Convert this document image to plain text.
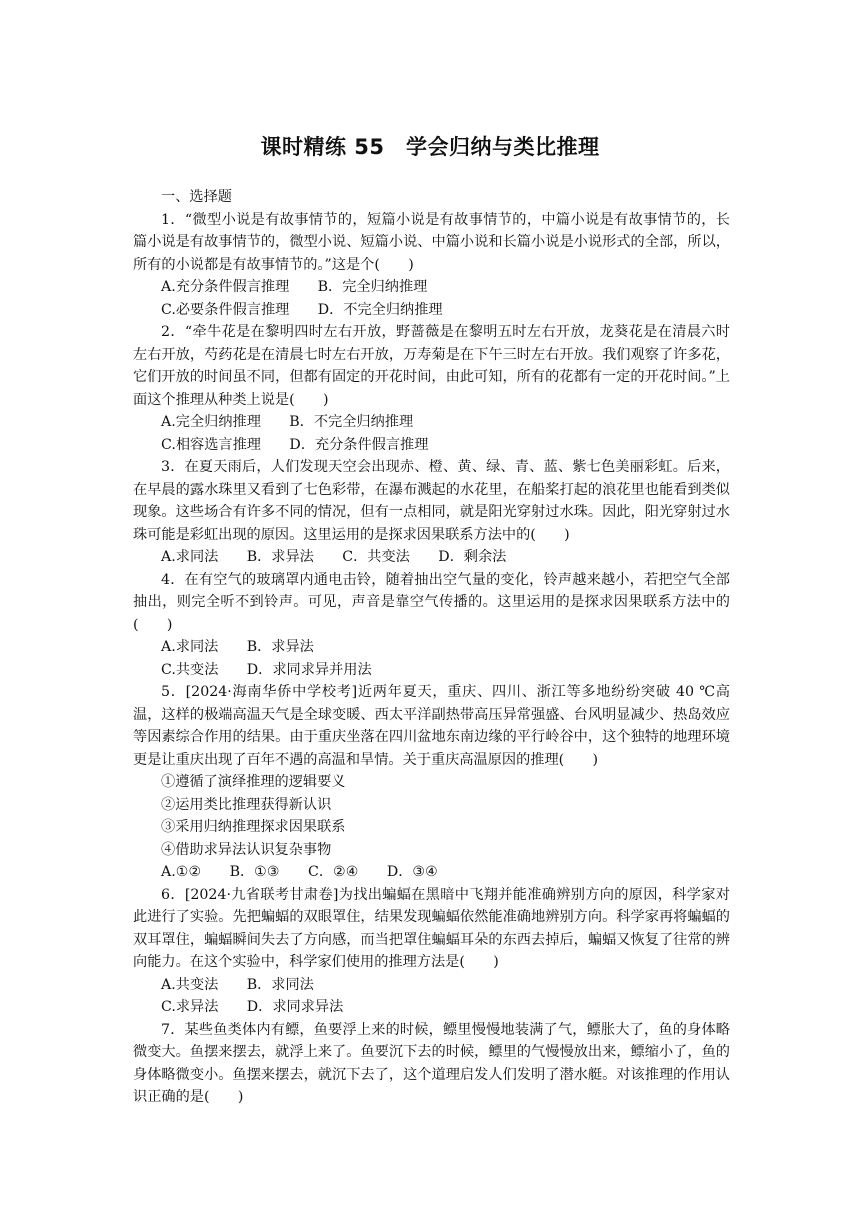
课时精练 55　学会归纳与类比推理

一、选择题

1．“微型小说是有故事情节的，短篇小说是有故事情节的，中篇小说是有故事情节的，长篇小说是有故事情节的，微型小说、短篇小说、中篇小说和长篇小说是小说形式的全部，所以，所有的小说都是有故事情节的。”这是个(　　)

A.充分条件假言推理　　B．完全归纳推理

C.必要条件假言推理　　D．不完全归纳推理

2．“牵牛花是在黎明四时左右开放，野蔷薇是在黎明五时左右开放，龙葵花是在清晨六时左右开放，芍药花是在清晨七时左右开放，万寿菊是在下午三时左右开放。我们观察了许多花，它们开放的时间虽不同，但都有固定的开花时间，由此可知，所有的花都有一定的开花时间。”上面这个推理从种类上说是(　　)

A.完全归纳推理　　B．不完全归纳推理

C.相容选言推理　　D．充分条件假言推理

3．在夏天雨后，人们发现天空会出现赤、橙、黄、绿、青、蓝、紫七色美丽彩虹。后来，在早晨的露水珠里又看到了七色彩带，在瀑布溅起的水花里，在船桨打起的浪花里也能看到类似现象。这些场合有许多不同的情况，但有一点相同，就是阳光穿射过水珠。因此，阳光穿射过水珠可能是彩虹出现的原因。这里运用的是探求因果联系方法中的(　　)

A.求同法　　B．求异法　　C．共变法　　D．剩余法

4．在有空气的玻璃罩内通电击铃，随着抽出空气量的变化，铃声越来越小，若把空气全部抽出，则完全听不到铃声。可见，声音是靠空气传播的。这里运用的是探求因果联系方法中的(　　)

A.求同法　　B．求异法

C.共变法　　D．求同求异并用法

5．[2024·海南华侨中学校考]近两年夏天，重庆、四川、浙江等多地纷纷突破 40 ℃高温，这样的极端高温天气是全球变暖、西太平洋副热带高压异常强盛、台风明显减少、热岛效应等因素综合作用的结果。由于重庆坐落在四川盆地东南边缘的平行岭谷中，这个独特的地理环境更是让重庆出现了百年不遇的高温和旱情。关于重庆高温原因的推理(　　)

①遵循了演绎推理的逻辑要义

②运用类比推理获得新认识

③采用归纳推理探求因果联系

④借助求异法认识复杂事物

A.①②　　B．①③　　C．②④　　D．③④

6．[2024·九省联考甘肃卷]为找出蝙蝠在黑暗中飞翔并能准确辨别方向的原因，科学家对此进行了实验。先把蝙蝠的双眼罩住，结果发现蝙蝠依然能准确地辨别方向。科学家再将蝙蝠的双耳罩住，蝙蝠瞬间失去了方向感，而当把罩住蝙蝠耳朵的东西去掉后，蝙蝠又恢复了往常的辨向能力。在这个实验中，科学家们使用的推理方法是(　　)

A.共变法　　B．求同法

C.求异法　　D．求同求异法

7．某些鱼类体内有鳔，鱼要浮上来的时候，鳔里慢慢地装满了气，鳔胀大了，鱼的身体略微变大。鱼摆来摆去，就浮上来了。鱼要沉下去的时候，鳔里的气慢慢放出来，鳔缩小了，鱼的身体略微变小。鱼摆来摆去，就沉下去了，这个道理启发人们发明了潜水艇。对该推理的作用认识正确的是(　　)
